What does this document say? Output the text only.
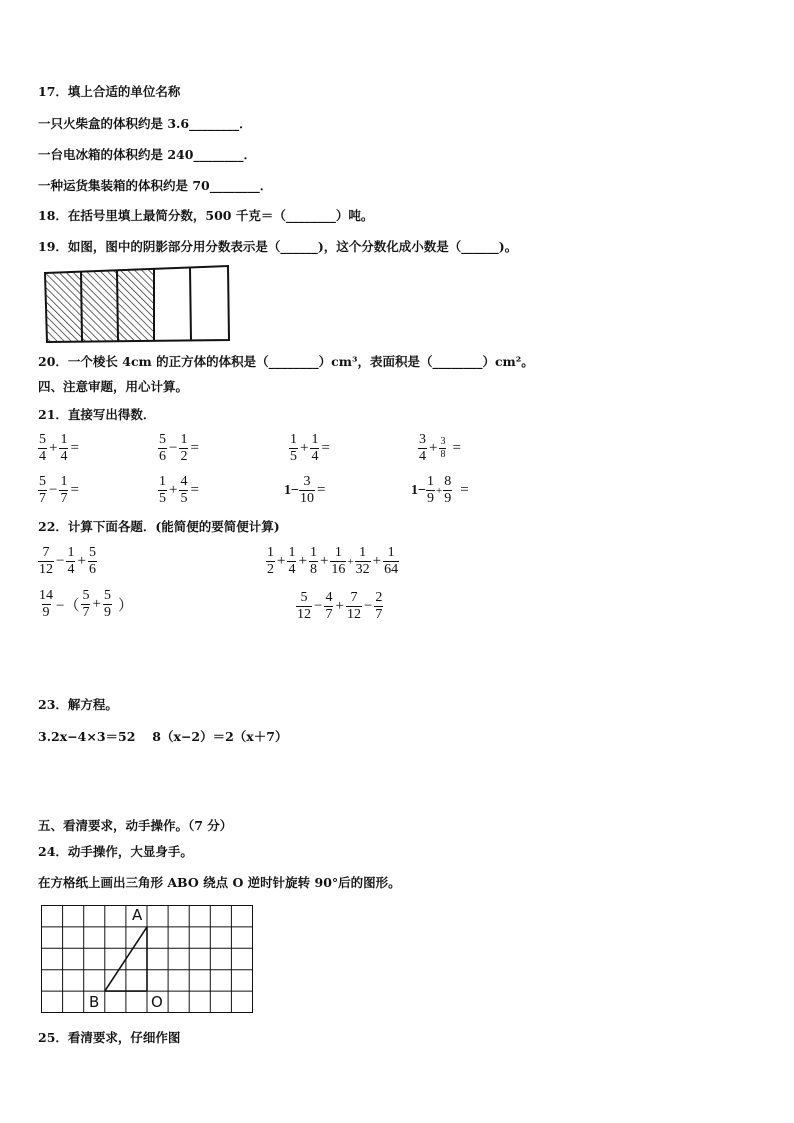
17．填上合适的单位名称
一只火柴盒的体积约是 3.6________．
一台电冰箱的体积约是 240________．
一种运货集装箱的体积约是 70________．
18．在括号里填上最简分数，500 千克＝（________）吨。
19．如图，图中的阴影部分用分数表示是（______)，这个分数化成小数是（______)。
20．一个棱长 4cm 的正方体的体积是（________）cm³，表面积是（________）cm²。
四、注意审题，用心计算。
21．直接写出得数．
$\frac{5}{4} + \frac{1}{4}$ =	$\frac{5}{6} - \frac{1}{2}$ =	$\frac{1}{5} + \frac{1}{4}$ =	$\frac{3}{4} + \frac{3}{8}$ =
$\frac{5}{7} - \frac{1}{7}$ =	$\frac{1}{5} + \frac{4}{5}$ =	$1- \frac{3}{10}$ =	$1- \frac{1}{9} + \frac{8}{9}$ =
22．计算下面各题．(能简便的要简便计算)
$\frac{7}{12} - \frac{1}{4} + \frac{5}{6}$	$\frac{1}{2} + \frac{1}{4} + \frac{1}{8} + \frac{1}{16} + \frac{1}{32} + \frac{1}{64}$
$\frac{14}{9}$ −（ $\frac{5}{7} + \frac{5}{9}$ ）	$\frac{5}{12} - \frac{4}{7} + \frac{7}{12} - \frac{2}{7}$
23．解方程。
3.2x−4×3＝52　 8（x−2）＝2（x＋7）
五、看清要求，动手操作。（7 分）
24．动手操作，大显身手。
在方格纸上画出三角形 ABO 绕点 O 逆时针旋转 90°后的图形。
A
B	O
25．看清要求，仔细作图
